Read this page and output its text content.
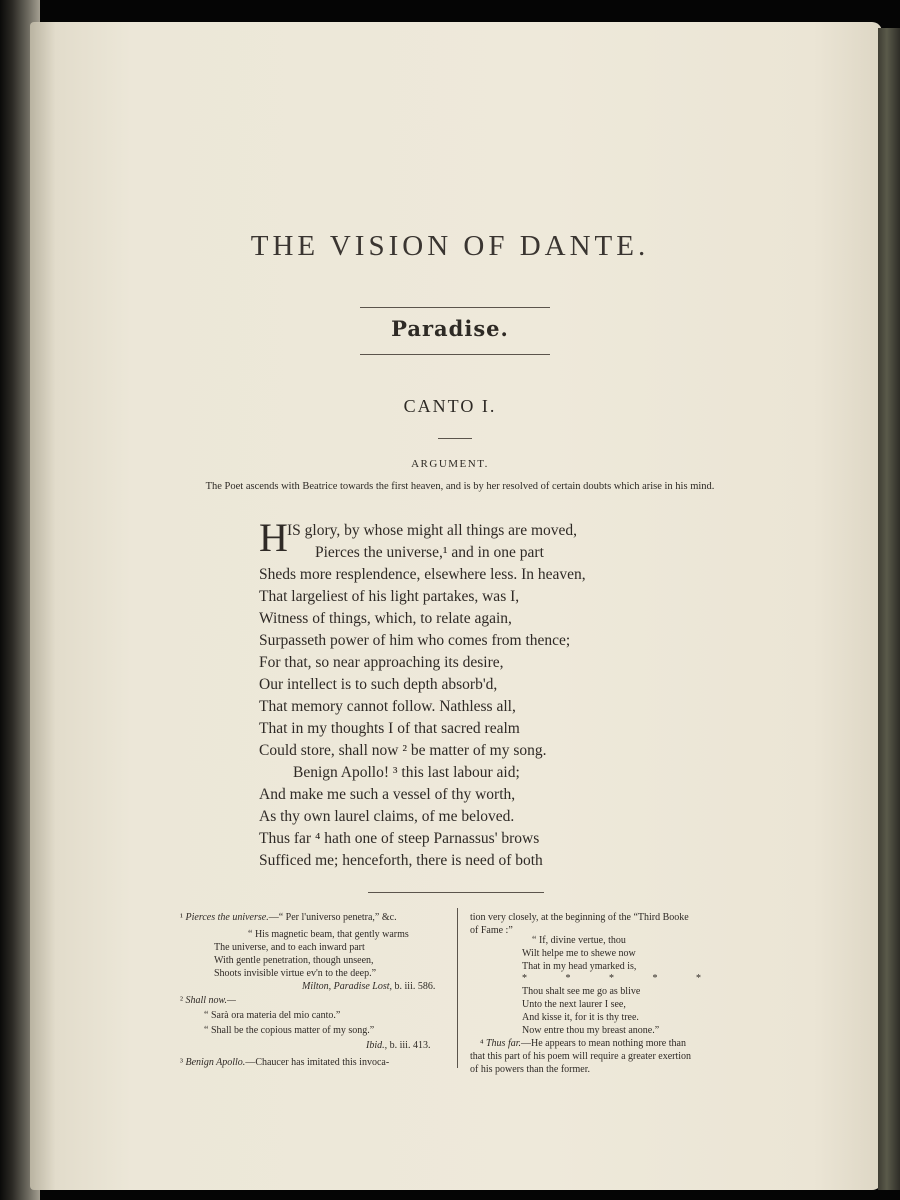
THE VISION OF DANTE.
Paradise.
CANTO I.
ARGUMENT.
The Poet ascends with Beatrice towards the first heaven, and is by her resolved of certain doubts which arise in his mind.
H IS glory, by whose might all things are moved,
Pierces the universe,¹ and in one part
Sheds more resplendence, elsewhere less. In heaven,
That largeliest of his light partakes, was I,
Witness of things, which, to relate again,
Surpasseth power of him who comes from thence;
For that, so near approaching its desire,
Our intellect is to such depth absorb'd,
That memory cannot follow. Nathless all,
That in my thoughts I of that sacred realm
Could store, shall now ² be matter of my song.
Benign Apollo! ³ this last labour aid;
And make me such a vessel of thy worth,
As thy own laurel claims, of me beloved.
Thus far ⁴ hath one of steep Parnassus' brows
Sufficed me; henceforth, there is need of both
¹ Pierces the universe.—“ Per l'universo penetra,” &c.
“ His magnetic beam, that gently warms
The universe, and to each inward part
With gentle penetration, though unseen,
Shoots invisible virtue ev'n to the deep.”
Milton, Paradise Lost, b. iii. 586.
² Shall now.—
“ Sarà ora materia del mio canto.”
“ Shall be the copious matter of my song.”
Ibid., b. iii. 413.
³ Benign Apollo.—Chaucer has imitated this invoca-
tion very closely, at the beginning of the “Third Booke
of Fame :”
“ If, divine vertue, thou
Wilt helpe me to shewe now
That in my head ymarked is,
* * * * *
Thou shalt see me go as blive
Unto the next laurer I see,
And kisse it, for it is thy tree.
Now entre thou my breast anone.”
⁴ Thus far.—He appears to mean nothing more than
that this part of his poem will require a greater exertion
of his powers than the former.
